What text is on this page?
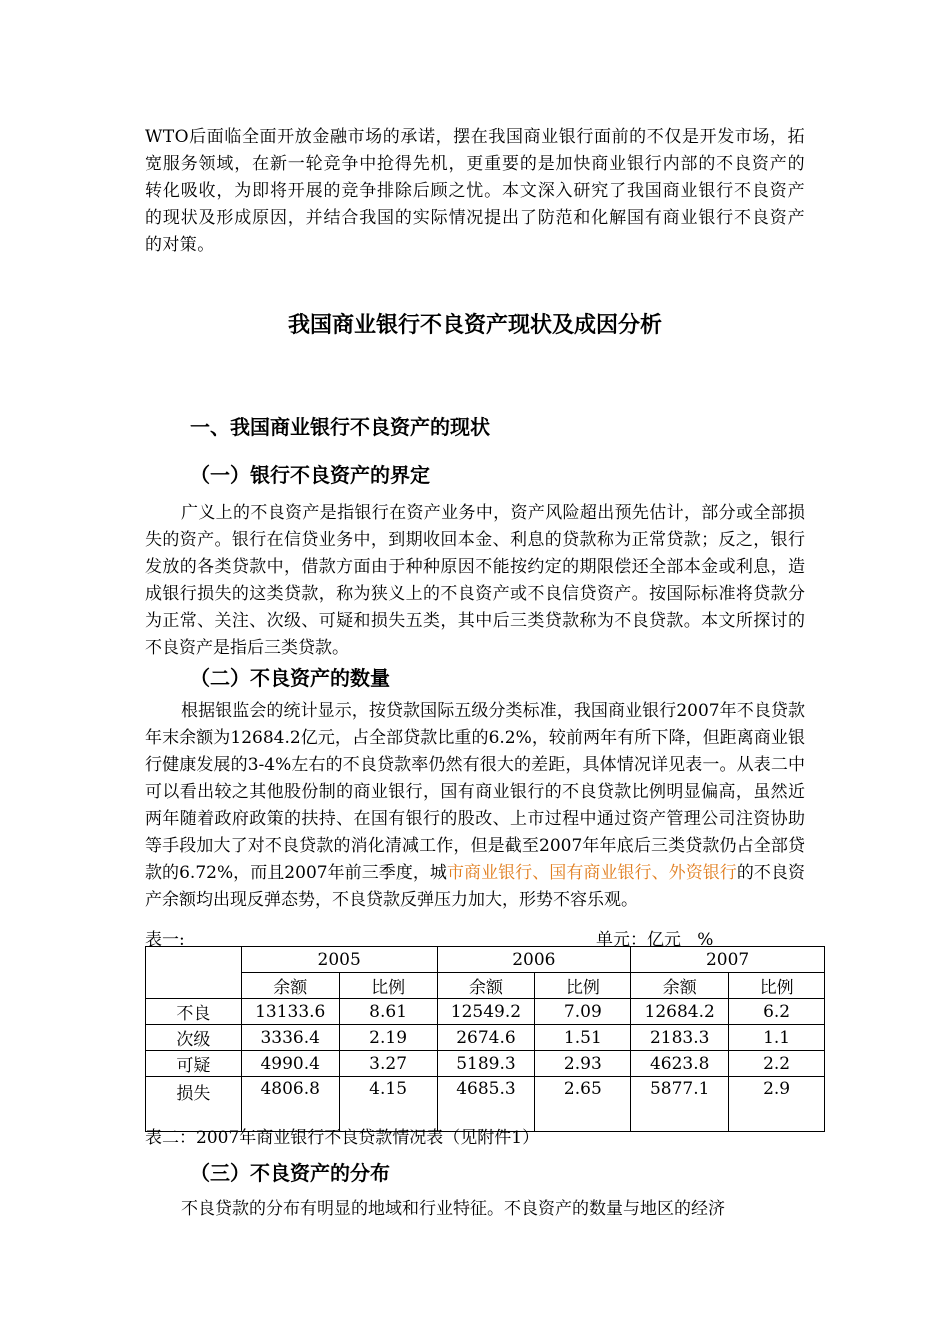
WTO后面临全面开放金融市场的承诺，摆在我国商业银行面前的不仅是开发市场，拓宽服务领域，在新一轮竞争中抢得先机，更重要的是加快商业银行内部的不良资产的转化吸收，为即将开展的竞争排除后顾之忧。本文深入研究了我国商业银行不良资产的现状及形成原因，并结合我国的实际情况提出了防范和化解国有商业银行不良资产的对策。

我国商业银行不良资产现状及成因分析
一、我国商业银行不良资产的现状
（一）银行不良资产的界定

广义上的不良资产是指银行在资产业务中，资产风险超出预先估计，部分或全部损失的资产。银行在信贷业务中，到期收回本金、利息的贷款称为正常贷款；反之，银行发放的各类贷款中，借款方面由于种种原因不能按约定的期限偿还全部本金或利息，造成银行损失的这类贷款，称为狭义上的不良资产或不良信贷资产。按国际标准将贷款分为正常、关注、次级、可疑和损失五类，其中后三类贷款称为不良贷款。本文所探讨的不良资产是指后三类贷款。

（二）不良资产的数量

根据银监会的统计显示，按贷款国际五级分类标准，我国商业银行2007年不良贷款年末余额为12684.2亿元，占全部贷款比重的6.2%，较前两年有所下降，但距离商业银行健康发展的3-4%左右的不良贷款率仍然有很大的差距，具体情况详见表一。从表二中可以看出较之其他股份制的商业银行，国有商业银行的不良贷款比例明显偏高，虽然近两年随着政府政策的扶持、在国有银行的股改、上市过程中通过资产管理公司注资协助等手段加大了对不良贷款的消化清减工作，但是截至2007年年底后三类贷款仍占全部贷款的6.72%，而且2007年前三季度，城市商业银行、国有商业银行、外资银行的不良资产余额均出现反弹态势，不良贷款反弹压力加大，形势不容乐观。

表一:	单元：亿元   %

	2005		2006		2007	
	余额	比例	余额	比例	余额	比例
不良	13133.6	8.61	12549.2	7.09	12684.2	6.2
次级	3336.4	2.19	2674.6	1.51	2183.3	1.1
可疑	4990.4	3.27	5189.3	2.93	4623.8	2.2
损失	4806.8	4.15	4685.3	2.65	5877.1	2.9

表二：2007年商业银行不良贷款情况表（见附件1）

（三）不良资产的分布

不良贷款的分布有明显的地域和行业特征。不良资产的数量与地区的经济
